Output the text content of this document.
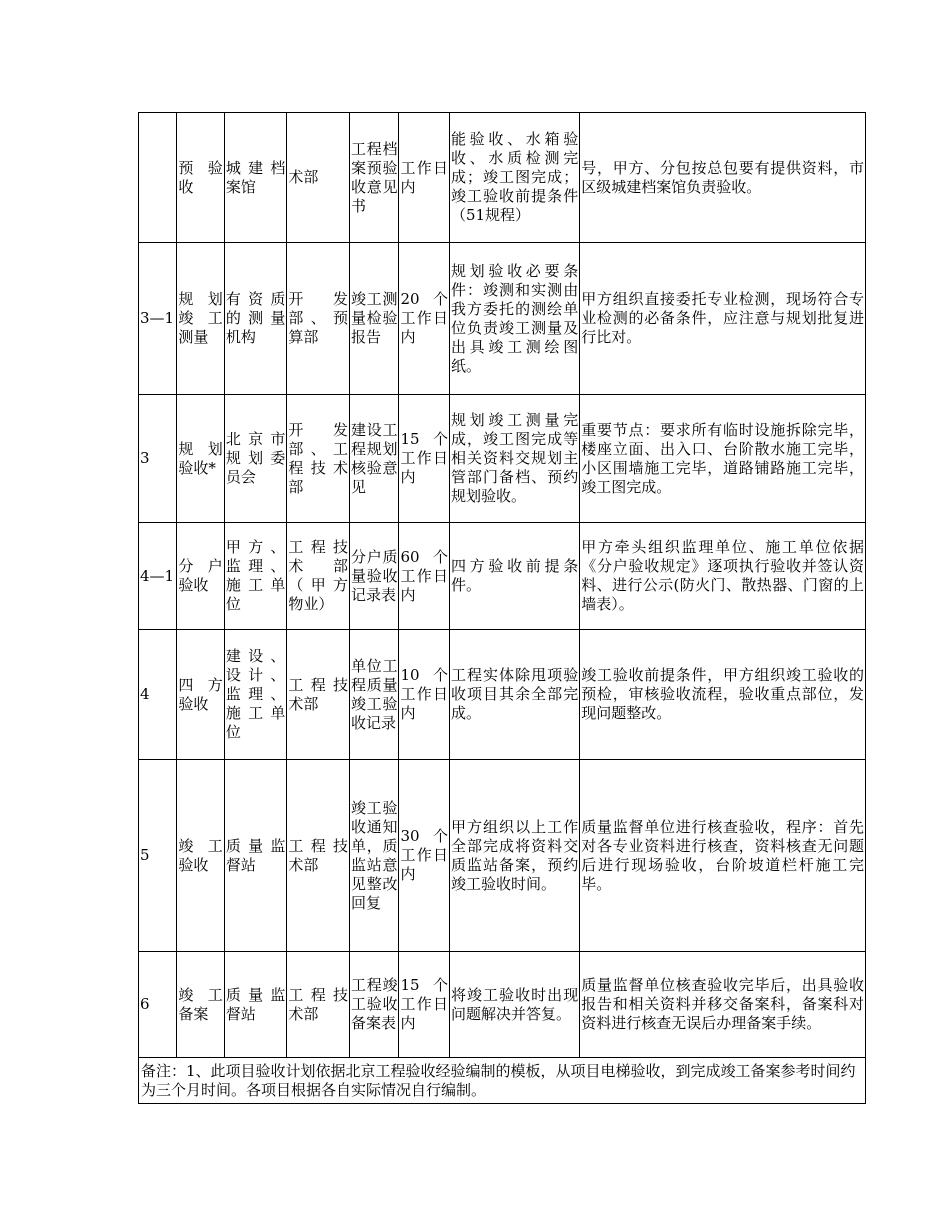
	预验收	城建档案馆	术部	工程档案预验收意见书	工作日内	能验收、水箱验收、水质检测完成；竣工图完成；竣工验收前提条件（51规程）	号，甲方、分包按总包要有提供资料，市区级城建档案馆负责验收。
3—1	规划竣工测量	有资质的测量机构	开发部、预算部	竣工测量检验报告	20个工作日内	规划验收必要条件：竣测和实测由我方委托的测绘单位负责竣工测量及出具竣工测绘图纸。	甲方组织直接委托专业检测，现场符合专业检测的必备条件，应注意与规划批复进行比对。
3	规划验收*	北京市规划委员会	开发部、工程技术部	建设工程规划核验意见	15个工作日内	规划竣工测量完成，竣工图完成等相关资料交规划主管部门备档、预约规划验收。	重要节点：要求所有临时设施拆除完毕，楼座立面、出入口、台阶散水施工完毕，小区围墙施工完毕，道路铺路施工完毕，竣工图完成。
4—1	分户验收	甲方、监理、施工单位	工程技术部（甲方物业）	分户质量验收记录表	60个工作日内	四方验收前提条件。	甲方牵头组织监理单位、施工单位依据《分户验收规定》逐项执行验收并签认资料、进行公示(防火门、散热器、门窗的上墙表）。
4	四方验收	建设、设计、监理、施工单位	工程技术部	单位工程质量竣工验收记录	10个工作日内	工程实体除甩项验收项目其余全部完成。	竣工验收前提条件，甲方组织竣工验收的预检，审核验收流程，验收重点部位，发现问题整改。
5	竣工验收	质量监督站	工程技术部	竣工验收通知单，质监站意见整改回复	30个工作日内	甲方组织以上工作全部完成将资料交质监站备案，预约竣工验收时间。	质量监督单位进行核查验收，程序：首先对各专业资料进行核查，资料核查无问题后进行现场验收，台阶坡道栏杆施工完毕。
6	竣工备案	质量监督站	工程技术部	工程竣工验收备案表	15个工作日内	将竣工验收时出现问题解决并答复。	质量监督单位核查验收完毕后，出具验收报告和相关资料并移交备案科，备案科对资料进行核查无误后办理备案手续。
备注：1、此项目验收计划依据北京工程验收经验编制的模板，从项目电梯验收，到完成竣工备案参考时间约为三个月时间。各项目根据各自实际情况自行编制。							
